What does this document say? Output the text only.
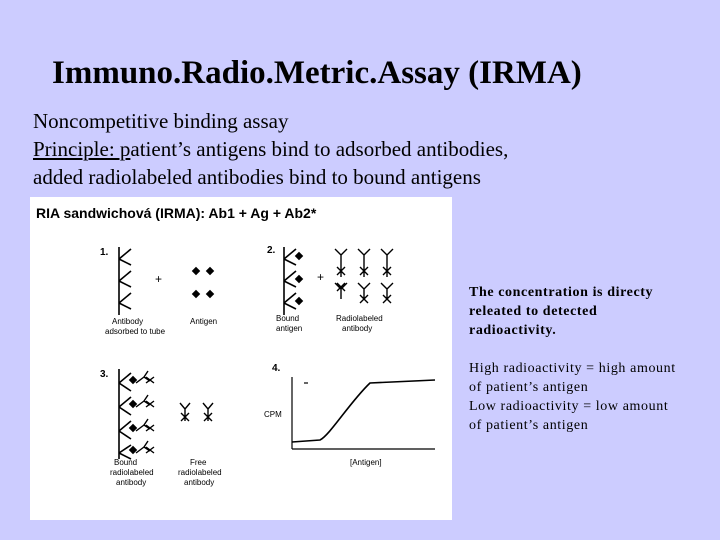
Immuno.Radio.Metric.Assay (IRMA)
Noncompetitive binding assay
Principle: patient’s antigens bind to adsorbed antibodies,
added radiolabeled antibodies bind to bound antigens
RIA sandwichová (IRMA): Ab1 + Ag + Ab2*
1.	2.
3.
4.
+
Antibody adsorbed to tube
Antigen
+
Bound antigen
Radiolabeled antibody
Bound radiolabeled antibody
Free radiolabeled antibody
CPM
[Antigen]
The concentration is directy
releated to detected
radioactivity.
High radioactivity = high amount
of patient’s antigen
Low radioactivity = low amount
of patient’s antigen
